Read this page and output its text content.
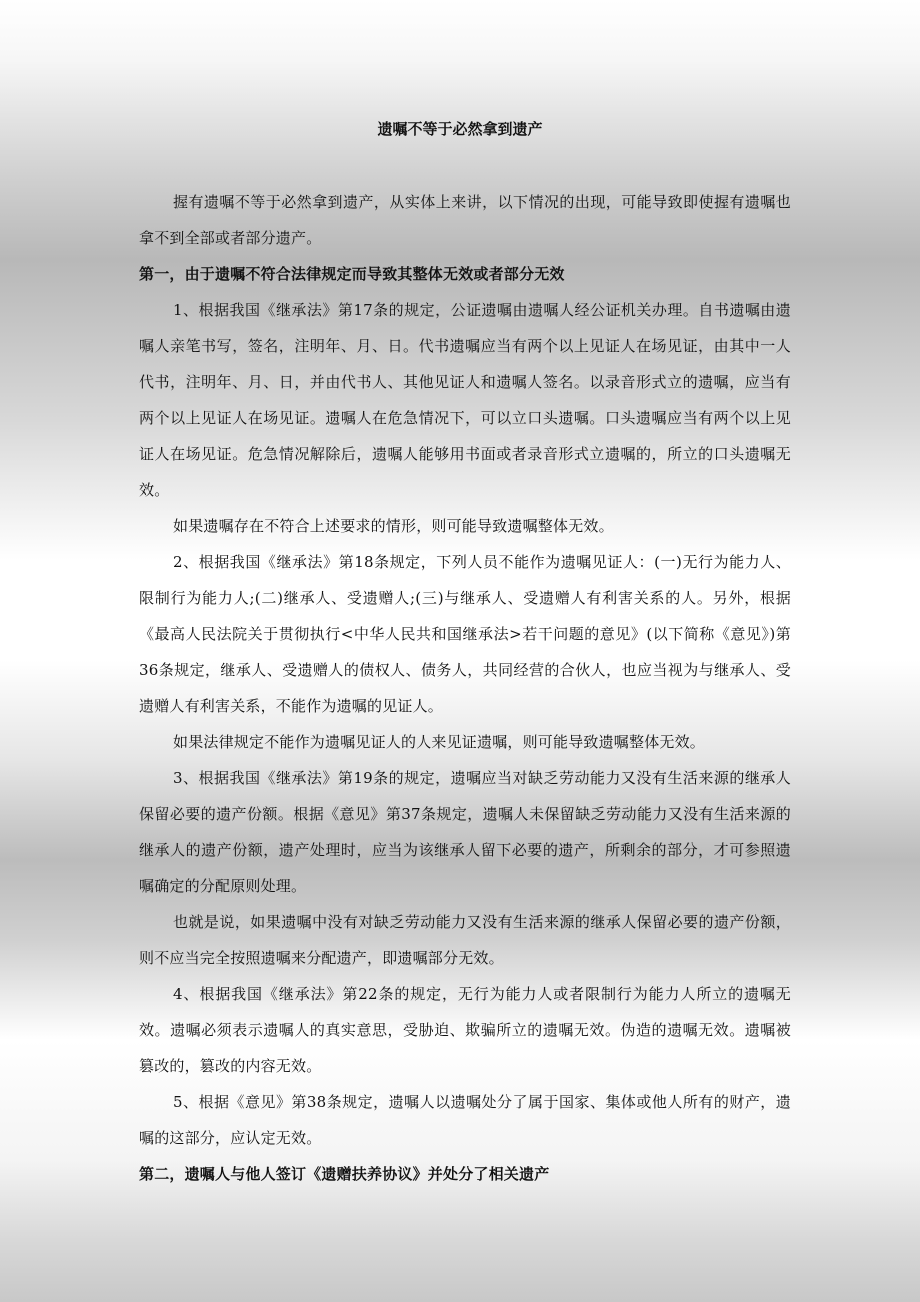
遗嘱不等于必然拿到遗产

握有遗嘱不等于必然拿到遗产，从实体上来讲，以下情况的出现，可能导致即使握有遗嘱也拿不到全部或者部分遗产。

第一，由于遗嘱不符合法律规定而导致其整体无效或者部分无效

1、根据我国《继承法》第17条的规定，公证遗嘱由遗嘱人经公证机关办理。自书遗嘱由遗嘱人亲笔书写，签名，注明年、月、日。代书遗嘱应当有两个以上见证人在场见证，由其中一人代书，注明年、月、日，并由代书人、其他见证人和遗嘱人签名。以录音形式立的遗嘱，应当有两个以上见证人在场见证。遗嘱人在危急情况下，可以立口头遗嘱。口头遗嘱应当有两个以上见证人在场见证。危急情况解除后，遗嘱人能够用书面或者录音形式立遗嘱的，所立的口头遗嘱无效。

如果遗嘱存在不符合上述要求的情形，则可能导致遗嘱整体无效。

2、根据我国《继承法》第18条规定，下列人员不能作为遗嘱见证人：(一)无行为能力人、限制行为能力人;(二)继承人、受遗赠人;(三)与继承人、受遗赠人有利害关系的人。另外，根据《最高人民法院关于贯彻执行<中华人民共和国继承法>若干问题的意见》(以下简称《意见》)第36条规定，继承人、受遗赠人的债权人、债务人，共同经营的合伙人，也应当视为与继承人、受遗赠人有利害关系，不能作为遗嘱的见证人。

如果法律规定不能作为遗嘱见证人的人来见证遗嘱，则可能导致遗嘱整体无效。

3、根据我国《继承法》第19条的规定，遗嘱应当对缺乏劳动能力又没有生活来源的继承人保留必要的遗产份额。根据《意见》第37条规定，遗嘱人未保留缺乏劳动能力又没有生活来源的继承人的遗产份额，遗产处理时，应当为该继承人留下必要的遗产，所剩余的部分，才可参照遗嘱确定的分配原则处理。

也就是说，如果遗嘱中没有对缺乏劳动能力又没有生活来源的继承人保留必要的遗产份额，则不应当完全按照遗嘱来分配遗产，即遗嘱部分无效。

4、根据我国《继承法》第22条的规定，无行为能力人或者限制行为能力人所立的遗嘱无效。遗嘱必须表示遗嘱人的真实意思，受胁迫、欺骗所立的遗嘱无效。伪造的遗嘱无效。遗嘱被篡改的，篡改的内容无效。

5、根据《意见》第38条规定，遗嘱人以遗嘱处分了属于国家、集体或他人所有的财产，遗嘱的这部分，应认定无效。

第二，遗嘱人与他人签订《遗赠扶养协议》并处分了相关遗产
